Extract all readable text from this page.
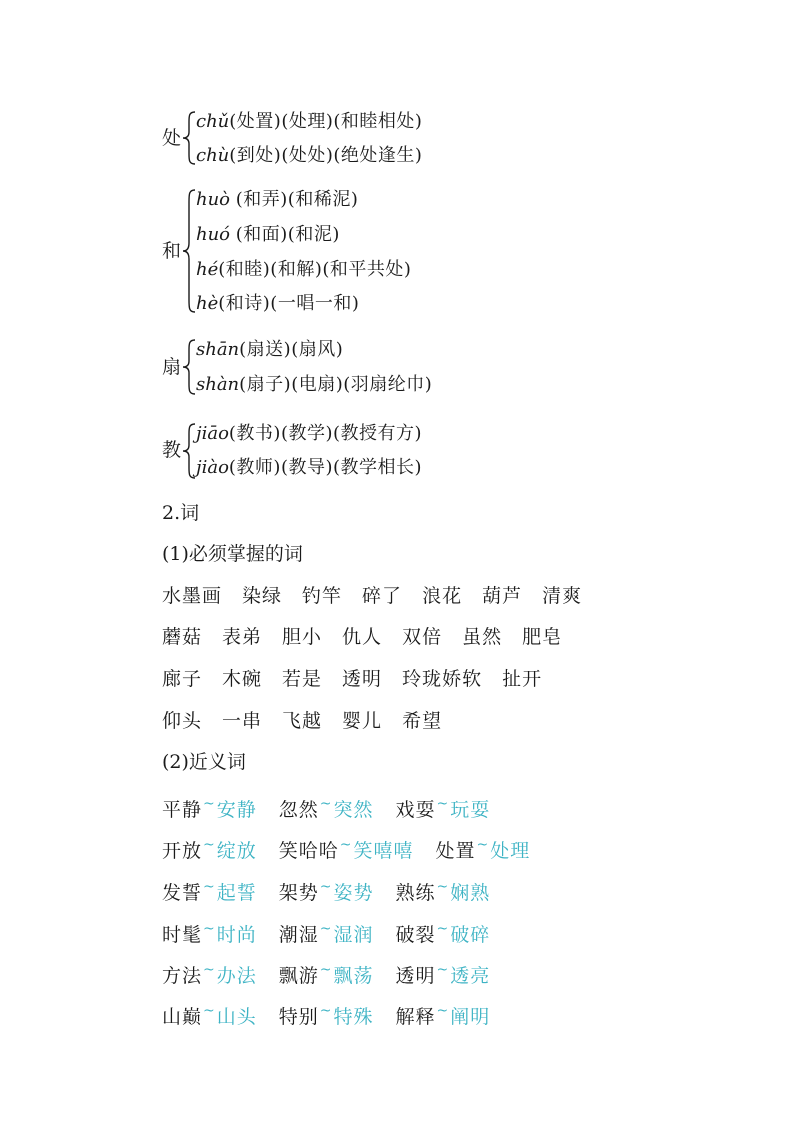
处
chǔ(处置)(处理)(和睦相处)
chù(到处)(处处)(绝处逢生)
和
huò (和弄)(和稀泥)
huó (和面)(和泥)
hé(和睦)(和解)(和平共处)
hè(和诗)(一唱一和)
扇
shān(扇送)(扇风)
shàn(扇子)(电扇)(羽扇纶巾)
教
jiāo(教书)(教学)(教授有方)
jiào(教师)(教导)(教学相长)
2.词
(1)必须掌握的词
水墨画 染绿 钓竿 碎了 浪花 葫芦 清爽
蘑菇 表弟 胆小 仇人 双倍 虽然 肥皂
廊子 木碗 若是 透明 玲珑娇软 扯开
仰头 一串 飞越 婴儿 希望
(2)近义词
平静~安静 忽然~突然 戏耍~玩耍
开放~绽放 笑哈哈~笑嘻嘻 处置~处理
发誓~起誓 架势~姿势 熟练~娴熟
时髦~时尚 潮湿~湿润 破裂~破碎
方法~办法 飘游~飘荡 透明~透亮
山巅~山头 特别~特殊 解释~阐明
